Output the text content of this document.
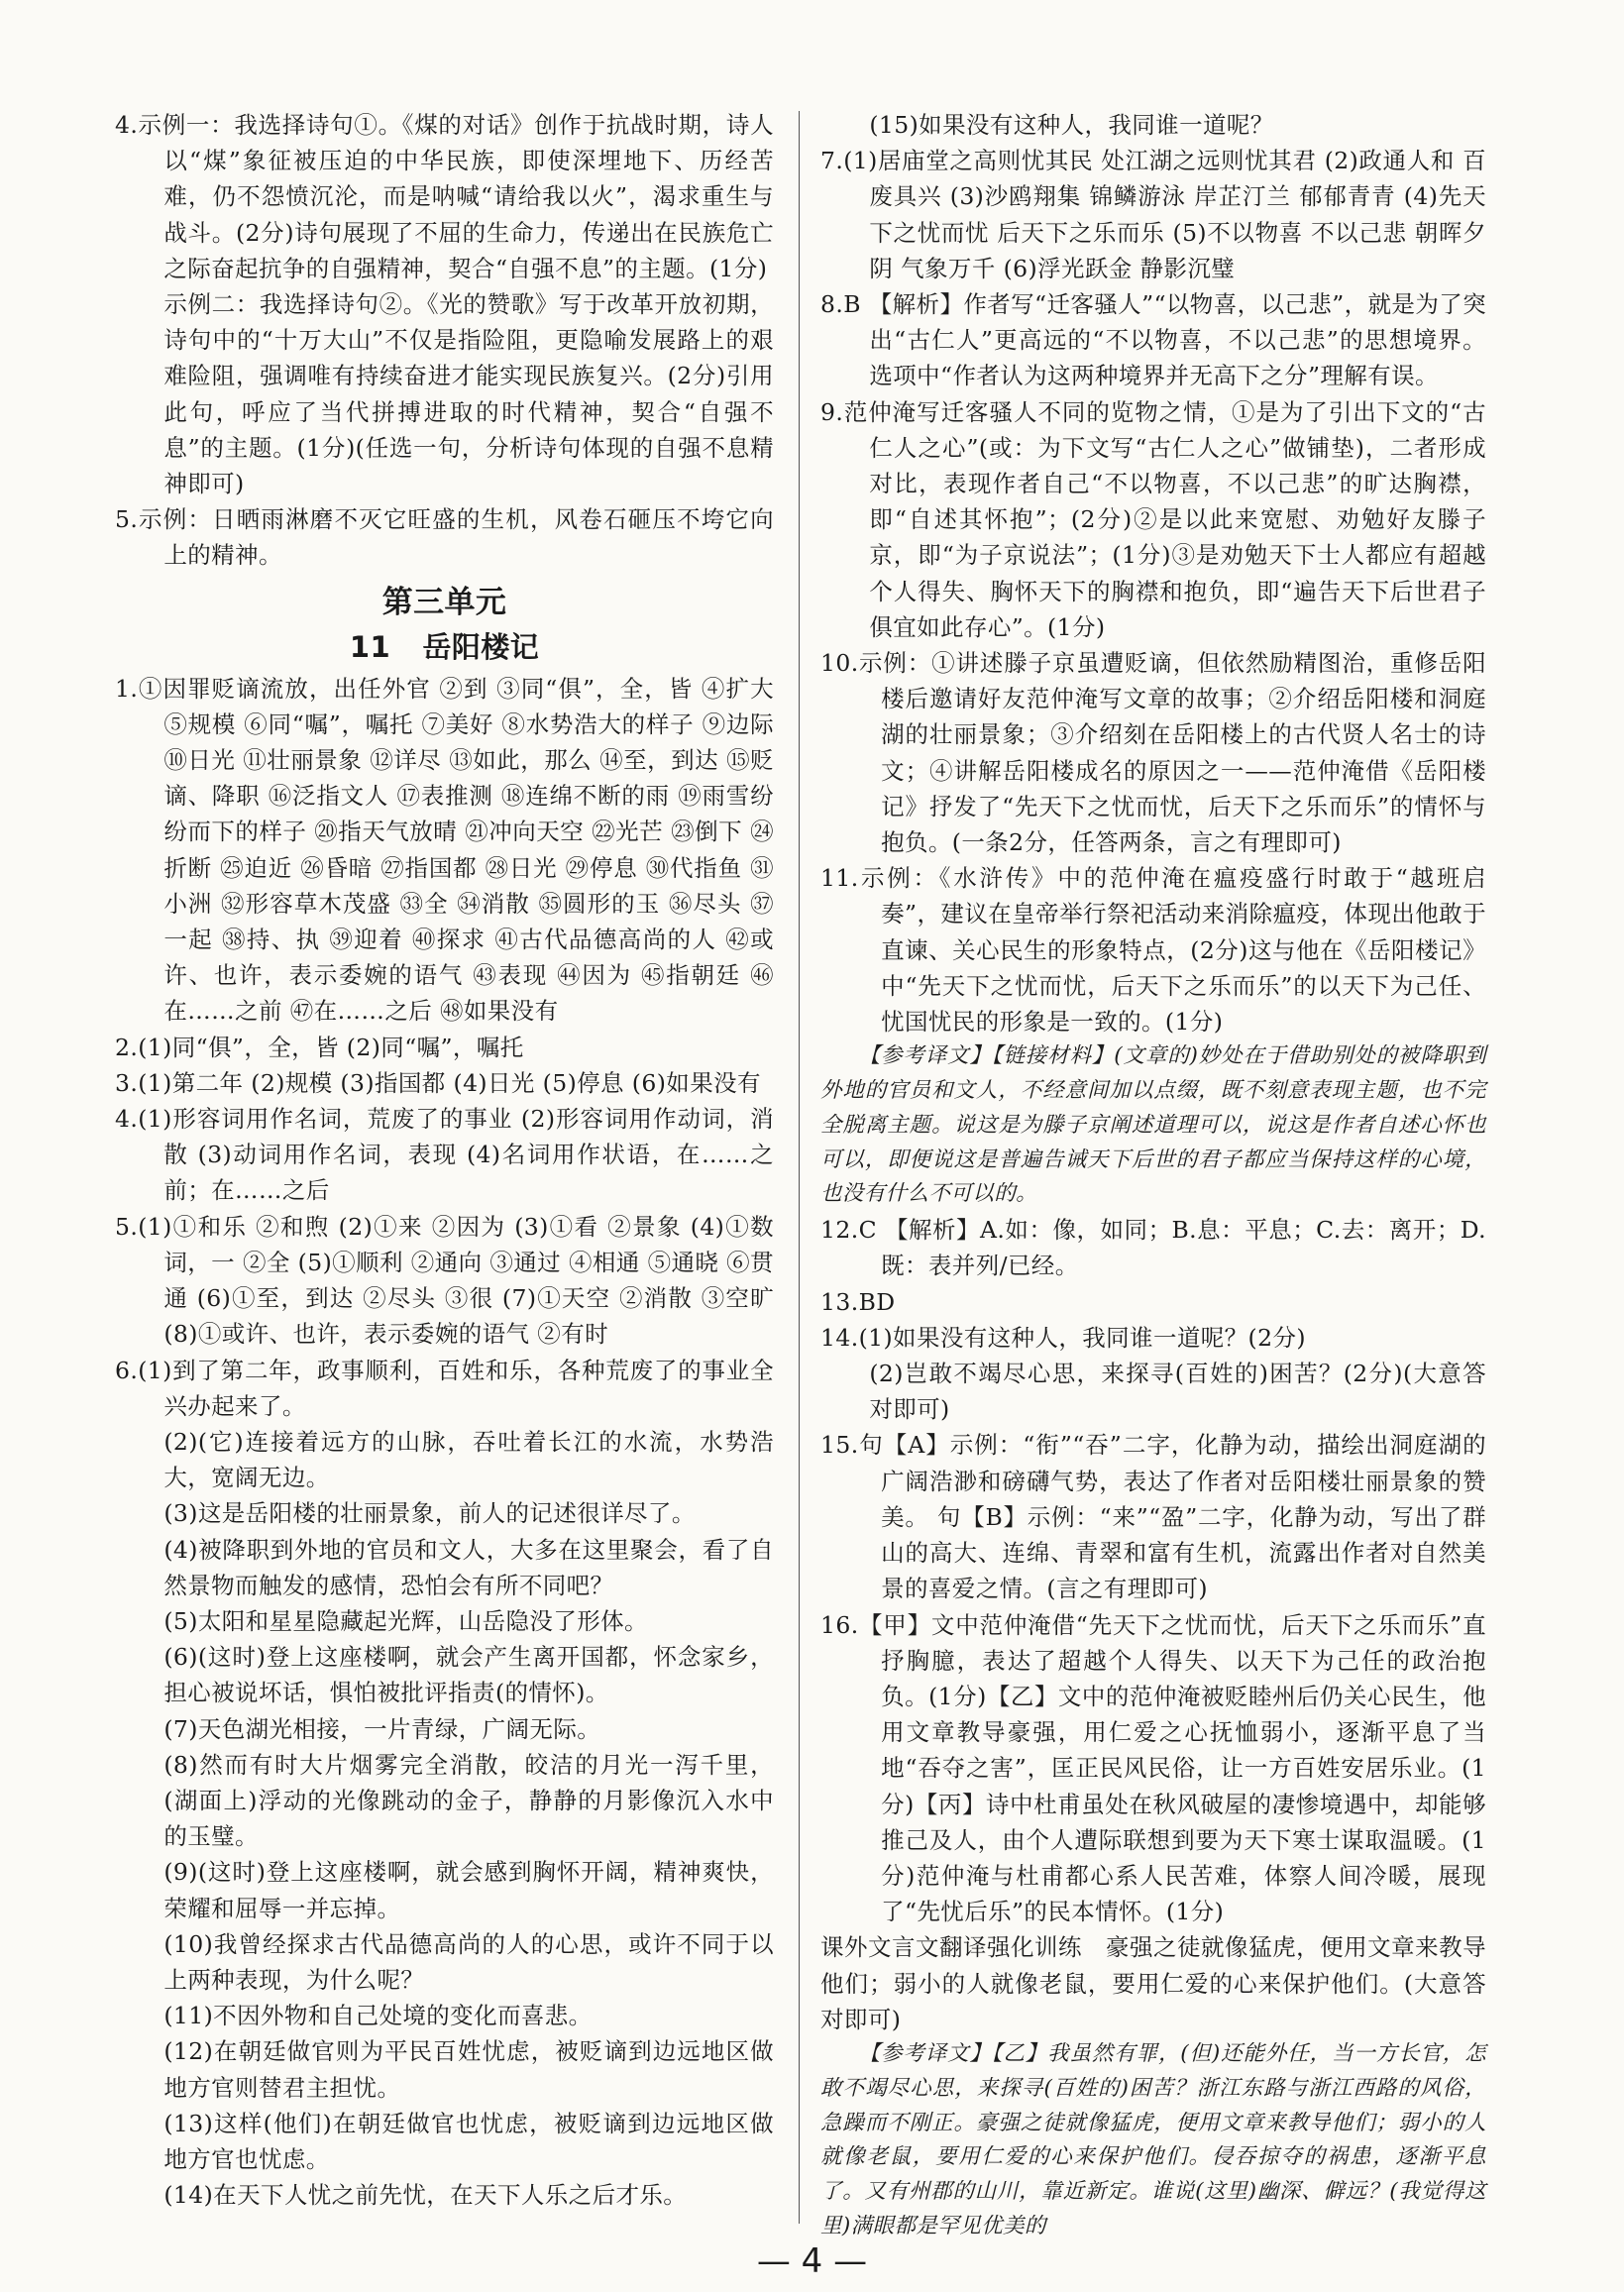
4.示例一：我选择诗句①。《煤的对话》创作于抗战时期，诗人以“煤”象征被压迫的中华民族，即使深埋地下、历经苦难，仍不怨愤沉沦，而是呐喊“请给我以火”，渴求重生与战斗。(2分)诗句展现了不屈的生命力，传递出在民族危亡之际奋起抗争的自强精神，契合“自强不息”的主题。(1分)

示例二：我选择诗句②。《光的赞歌》写于改革开放初期，诗句中的“十万大山”不仅是指险阻，更隐喻发展路上的艰难险阻，强调唯有持续奋进才能实现民族复兴。(2分)引用此句，呼应了当代拼搏进取的时代精神，契合“自强不息”的主题。(1分)(任选一句，分析诗句体现的自强不息精神即可)

5.示例：日晒雨淋磨不灭它旺盛的生机，风卷石砸压不垮它向上的精神。

第三单元

11 岳阳楼记

1.①因罪贬谪流放，出任外官 ②到 ③同“俱”，全，皆 ④扩大 ⑤规模 ⑥同“嘱”，嘱托 ⑦美好 ⑧水势浩大的样子 ⑨边际 ⑩日光 ⑪壮丽景象 ⑫详尽 ⑬如此，那么 ⑭至，到达 ⑮贬谪、降职 ⑯泛指文人 ⑰表推测 ⑱连绵不断的雨 ⑲雨雪纷纷而下的样子 ⑳指天气放晴 ㉑冲向天空 ㉒光芒 ㉓倒下 ㉔折断 ㉕迫近 ㉖昏暗 ㉗指国都 ㉘日光 ㉙停息 ㉚代指鱼 ㉛小洲 ㉜形容草木茂盛 ㉝全 ㉞消散 ㉟圆形的玉 ㊱尽头 ㊲一起 ㊳持、执 ㊴迎着 ㊵探求 ㊶古代品德高尚的人 ㊷或许、也许，表示委婉的语气 ㊸表现 ㊹因为 ㊺指朝廷 ㊻在……之前 ㊼在……之后 ㊽如果没有

2.(1)同“俱”，全，皆 (2)同“嘱”，嘱托

3.(1)第二年 (2)规模 (3)指国都 (4)日光 (5)停息 (6)如果没有

4.(1)形容词用作名词，荒废了的事业 (2)形容词用作动词，消散 (3)动词用作名词，表现 (4)名词用作状语，在……之前；在……之后

5.(1)①和乐 ②和煦 (2)①来 ②因为 (3)①看 ②景象 (4)①数词，一 ②全 (5)①顺利 ②通向 ③通过 ④相通 ⑤通晓 ⑥贯通 (6)①至，到达 ②尽头 ③很 (7)①天空 ②消散 ③空旷 (8)①或许、也许，表示委婉的语气 ②有时

6.(1)到了第二年，政事顺利，百姓和乐，各种荒废了的事业全兴办起来了。

(2)(它)连接着远方的山脉，吞吐着长江的水流，水势浩大，宽阔无边。

(3)这是岳阳楼的壮丽景象，前人的记述很详尽了。

(4)被降职到外地的官员和文人，大多在这里聚会，看了自然景物而触发的感情，恐怕会有所不同吧？

(5)太阳和星星隐藏起光辉，山岳隐没了形体。

(6)(这时)登上这座楼啊，就会产生离开国都，怀念家乡，担心被说坏话，惧怕被批评指责(的情怀)。

(7)天色湖光相接，一片青绿，广阔无际。

(8)然而有时大片烟雾完全消散，皎洁的月光一泻千里，(湖面上)浮动的光像跳动的金子，静静的月影像沉入水中的玉璧。

(9)(这时)登上这座楼啊，就会感到胸怀开阔，精神爽快，荣耀和屈辱一并忘掉。

(10)我曾经探求古代品德高尚的人的心思，或许不同于以上两种表现，为什么呢？

(11)不因外物和自己处境的变化而喜悲。

(12)在朝廷做官则为平民百姓忧虑，被贬谪到边远地区做地方官则替君主担忧。

(13)这样(他们)在朝廷做官也忧虑，被贬谪到边远地区做地方官也忧虑。

(14)在天下人忧之前先忧，在天下人乐之后才乐。

(15)如果没有这种人，我同谁一道呢？

7.(1)居庙堂之高则忧其民 处江湖之远则忧其君 (2)政通人和 百废具兴 (3)沙鸥翔集 锦鳞游泳 岸芷汀兰 郁郁青青 (4)先天下之忧而忧 后天下之乐而乐 (5)不以物喜 不以己悲 朝晖夕阴 气象万千 (6)浮光跃金 静影沉璧

8.B 【解析】作者写“迁客骚人”“以物喜，以己悲”，就是为了突出“古仁人”更高远的“不以物喜，不以己悲”的思想境界。选项中“作者认为这两种境界并无高下之分”理解有误。

9.范仲淹写迁客骚人不同的览物之情，①是为了引出下文的“古仁人之心”(或：为下文写“古仁人之心”做铺垫)，二者形成对比，表现作者自己“不以物喜，不以己悲”的旷达胸襟，即“自述其怀抱”；(2分)②是以此来宽慰、劝勉好友滕子京，即“为子京说法”；(1分)③是劝勉天下士人都应有超越个人得失、胸怀天下的胸襟和抱负，即“遍告天下后世君子俱宜如此存心”。(1分)

10.示例：①讲述滕子京虽遭贬谪，但依然励精图治，重修岳阳楼后邀请好友范仲淹写文章的故事；②介绍岳阳楼和洞庭湖的壮丽景象；③介绍刻在岳阳楼上的古代贤人名士的诗文；④讲解岳阳楼成名的原因之一——范仲淹借《岳阳楼记》抒发了“先天下之忧而忧，后天下之乐而乐”的情怀与抱负。(一条2分，任答两条，言之有理即可)

11.示例：《水浒传》中的范仲淹在瘟疫盛行时敢于“越班启奏”，建议在皇帝举行祭祀活动来消除瘟疫，体现出他敢于直谏、关心民生的形象特点，(2分)这与他在《岳阳楼记》中“先天下之忧而忧，后天下之乐而乐”的以天下为己任、忧国忧民的形象是一致的。(1分)

【参考译文】【链接材料】(文章的)妙处在于借助别处的被降职到外地的官员和文人，不经意间加以点缀，既不刻意表现主题，也不完全脱离主题。说这是为滕子京阐述道理可以，说这是作者自述心怀也可以，即便说这是普遍告诫天下后世的君子都应当保持这样的心境，也没有什么不可以的。

12.C 【解析】A.如：像，如同；B.息：平息；C.去：离开；D.既：表并列/已经。

13.BD

14.(1)如果没有这种人，我同谁一道呢？(2分)

(2)岂敢不竭尽心思，来探寻(百姓的)困苦？(2分)(大意答对即可)

15.句【A】示例：“衔”“吞”二字，化静为动，描绘出洞庭湖的广阔浩渺和磅礴气势，表达了作者对岳阳楼壮丽景象的赞美。 句【B】示例：“来”“盈”二字，化静为动，写出了群山的高大、连绵、青翠和富有生机，流露出作者对自然美景的喜爱之情。(言之有理即可)

16.【甲】文中范仲淹借“先天下之忧而忧，后天下之乐而乐”直抒胸臆，表达了超越个人得失、以天下为己任的政治抱负。(1分)【乙】文中的范仲淹被贬睦州后仍关心民生，他用文章教导豪强，用仁爱之心抚恤弱小，逐渐平息了当地“吞夺之害”，匡正民风民俗，让一方百姓安居乐业。(1分)【丙】诗中杜甫虽处在秋风破屋的凄惨境遇中，却能够推己及人，由个人遭际联想到要为天下寒士谋取温暖。(1分)范仲淹与杜甫都心系人民苦难，体察人间冷暖，展现了“先忧后乐”的民本情怀。(1分)

课外文言文翻译强化训练　豪强之徒就像猛虎，便用文章来教导他们；弱小的人就像老鼠，要用仁爱的心来保护他们。(大意答对即可)

【参考译文】【乙】我虽然有罪，(但)还能外任，当一方长官，怎敢不竭尽心思，来探寻(百姓的)困苦？浙江东路与浙江西路的风俗，急躁而不刚正。豪强之徒就像猛虎，便用文章来教导他们；弱小的人就像老鼠，要用仁爱的心来保护他们。侵吞掠夺的祸患，逐渐平息了。又有州郡的山川，靠近新定。谁说(这里)幽深、僻远？(我觉得这里)满眼都是罕见优美的

— 4 —
